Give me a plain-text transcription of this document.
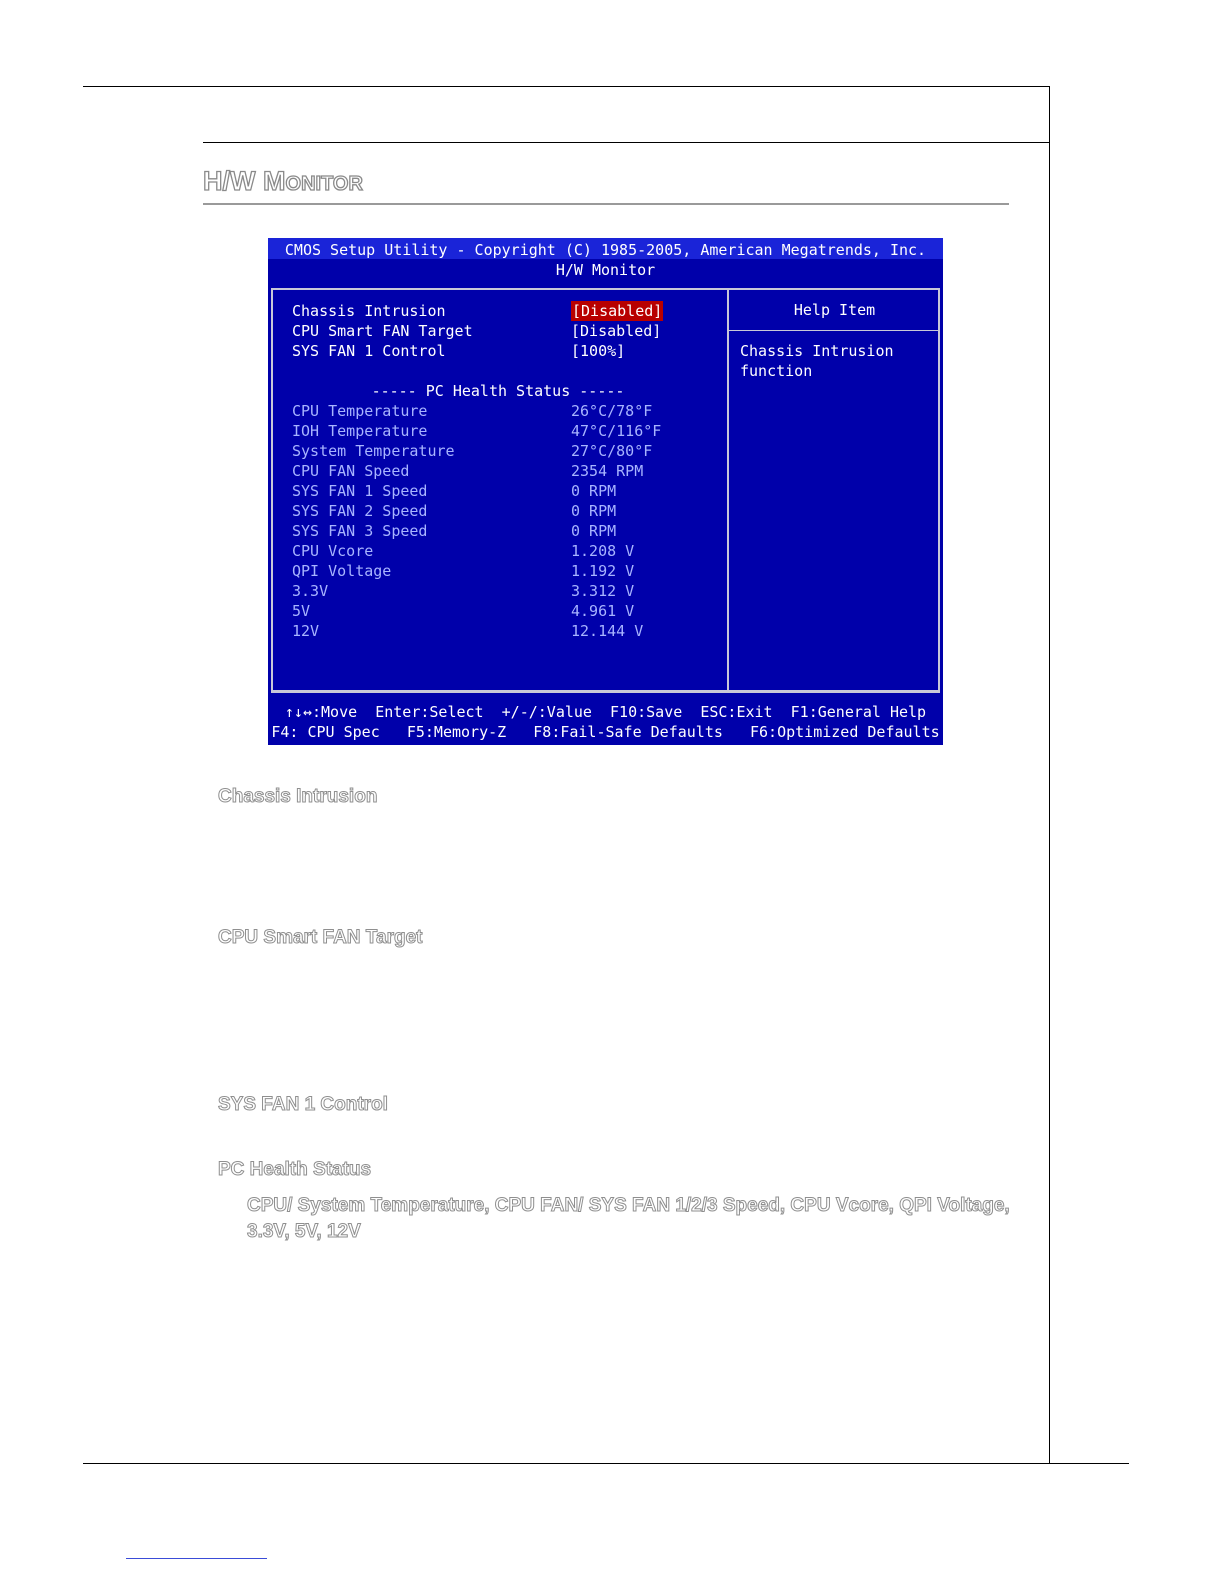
H/W MONITOR
CMOS Setup Utility - Copyright (C) 1985-2005, American Megatrends, Inc.
H/W Monitor
Chassis Intrusion	[Disabled]
CPU Smart FAN Target	[Disabled]
SYS FAN 1 Control	[100%]
----- PC Health Status -----
CPU Temperature	26°C/78°F
IOH Temperature	47°C/116°F
System Temperature	27°C/80°F
CPU FAN Speed	2354 RPM
SYS FAN 1 Speed	0 RPM
SYS FAN 2 Speed	0 RPM
SYS FAN 3 Speed	0 RPM
CPU Vcore	1.208 V
QPI Voltage	1.192 V
3.3V	3.312 V
5V	4.961 V
12V	12.144 V
Help Item
Chassis Intrusion
function
↑↓↔:Move  Enter:Select  +/-/:Value  F10:Save  ESC:Exit  F1:General Help
F4: CPU Spec   F5:Memory-Z   F8:Fail-Safe Defaults   F6:Optimized Defaults
Chassis Intrusion
CPU Smart FAN Target
SYS FAN 1 Control
PC Health Status

CPU/ System Temperature, CPU FAN/ SYS FAN 1/2/3 Speed, CPU Vcore, QPI Voltage, 3.3V, 5V, 12V
